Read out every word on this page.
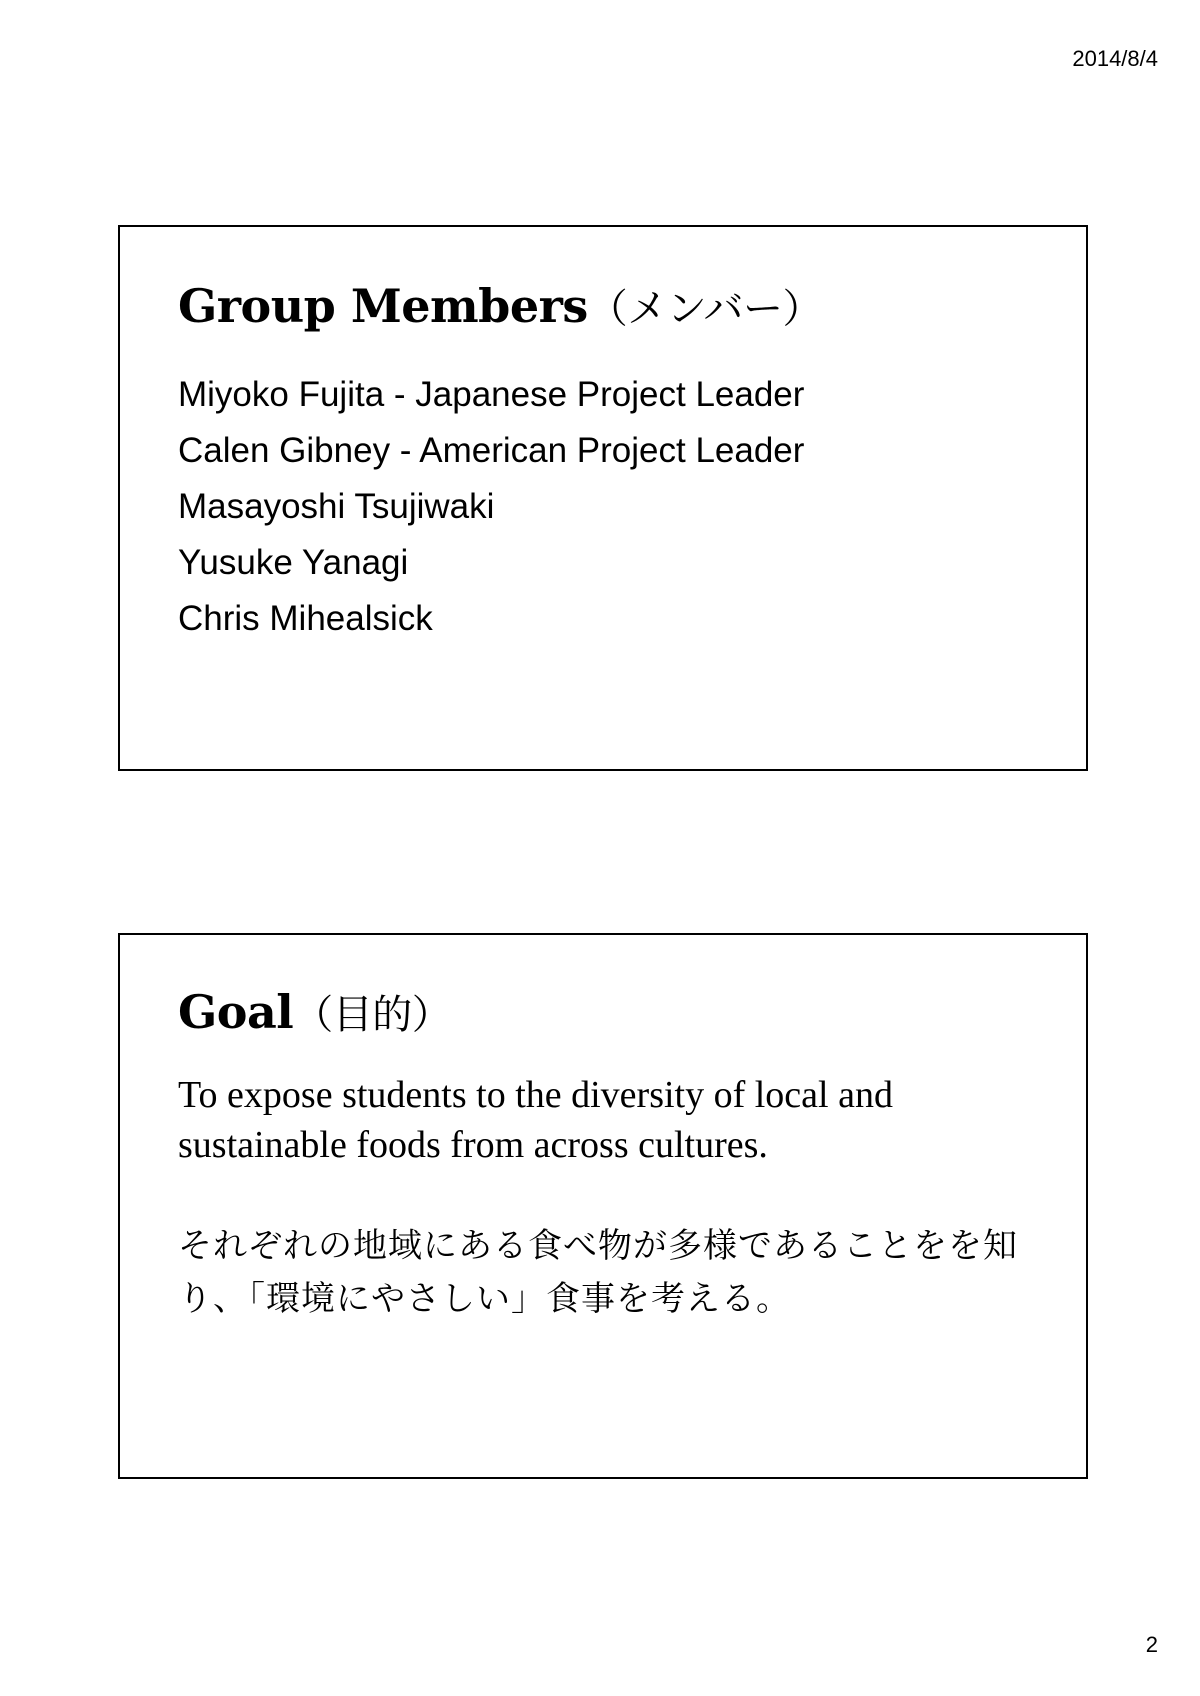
2014/8/4
Group Members（メンバー）
Miyoko Fujita - Japanese Project Leader
Calen Gibney - American Project Leader
Masayoshi Tsujiwaki
Yusuke Yanagi
Chris Mihealsick
Goal（目的）

To expose students to the diversity of local and sustainable foods from across cultures.

それぞれの地域にある食べ物が多様であることをを知り、「環境にやさしい」食事を考える。

2
